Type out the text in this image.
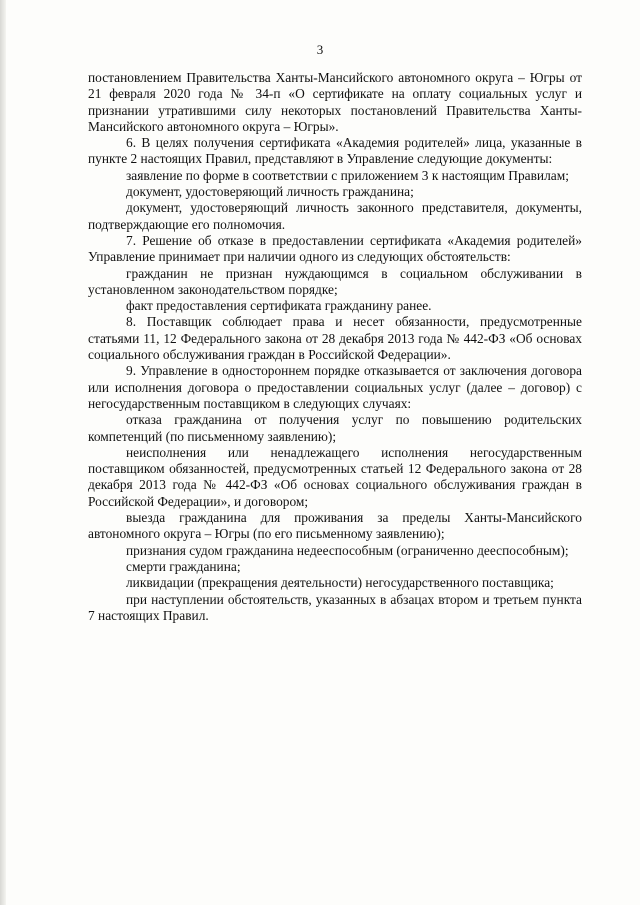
3

постановлением Правительства Ханты-Мансийского автономного округа – Югры от 21 февраля 2020 года № 34-п «О сертификате на оплату социальных услуг и признании утратившими силу некоторых постановлений Правительства Ханты-Мансийского автономного округа – Югры».

6. В целях получения сертификата «Академия родителей» лица, указанные в пункте 2 настоящих Правил, представляют в Управление следующие документы:

заявление по форме в соответствии с приложением 3 к настоящим Правилам;

документ, удостоверяющий личность гражданина;

документ, удостоверяющий личность законного представителя, документы, подтверждающие его полномочия.

7. Решение об отказе в предоставлении сертификата «Академия родителей» Управление принимает при наличии одного из следующих обстоятельств:

гражданин не признан нуждающимся в социальном обслуживании в установленном законодательством порядке;

факт предоставления сертификата гражданину ранее.

8. Поставщик соблюдает права и несет обязанности, предусмотренные статьями 11, 12 Федерального закона от 28 декабря 2013 года № 442-ФЗ «Об основах социального обслуживания граждан в Российской Федерации».

9. Управление в одностороннем порядке отказывается от заключения договора или исполнения договора о предоставлении социальных услуг (далее – договор) с негосударственным поставщиком в следующих случаях:

отказа гражданина от получения услуг по повышению родительских компетенций (по письменному заявлению);

неисполнения или ненадлежащего исполнения негосударственным поставщиком обязанностей, предусмотренных статьей 12 Федерального закона от 28 декабря 2013 года № 442-ФЗ «Об основах социального обслуживания граждан в Российской Федерации», и договором;

выезда гражданина для проживания за пределы Ханты-Мансийского автономного округа – Югры (по его письменному заявлению);

признания судом гражданина недееспособным (ограниченно дееспособным);

смерти гражданина;

ликвидации (прекращения деятельности) негосударственного поставщика;

при наступлении обстоятельств, указанных в абзацах втором и третьем пункта 7 настоящих Правил.
